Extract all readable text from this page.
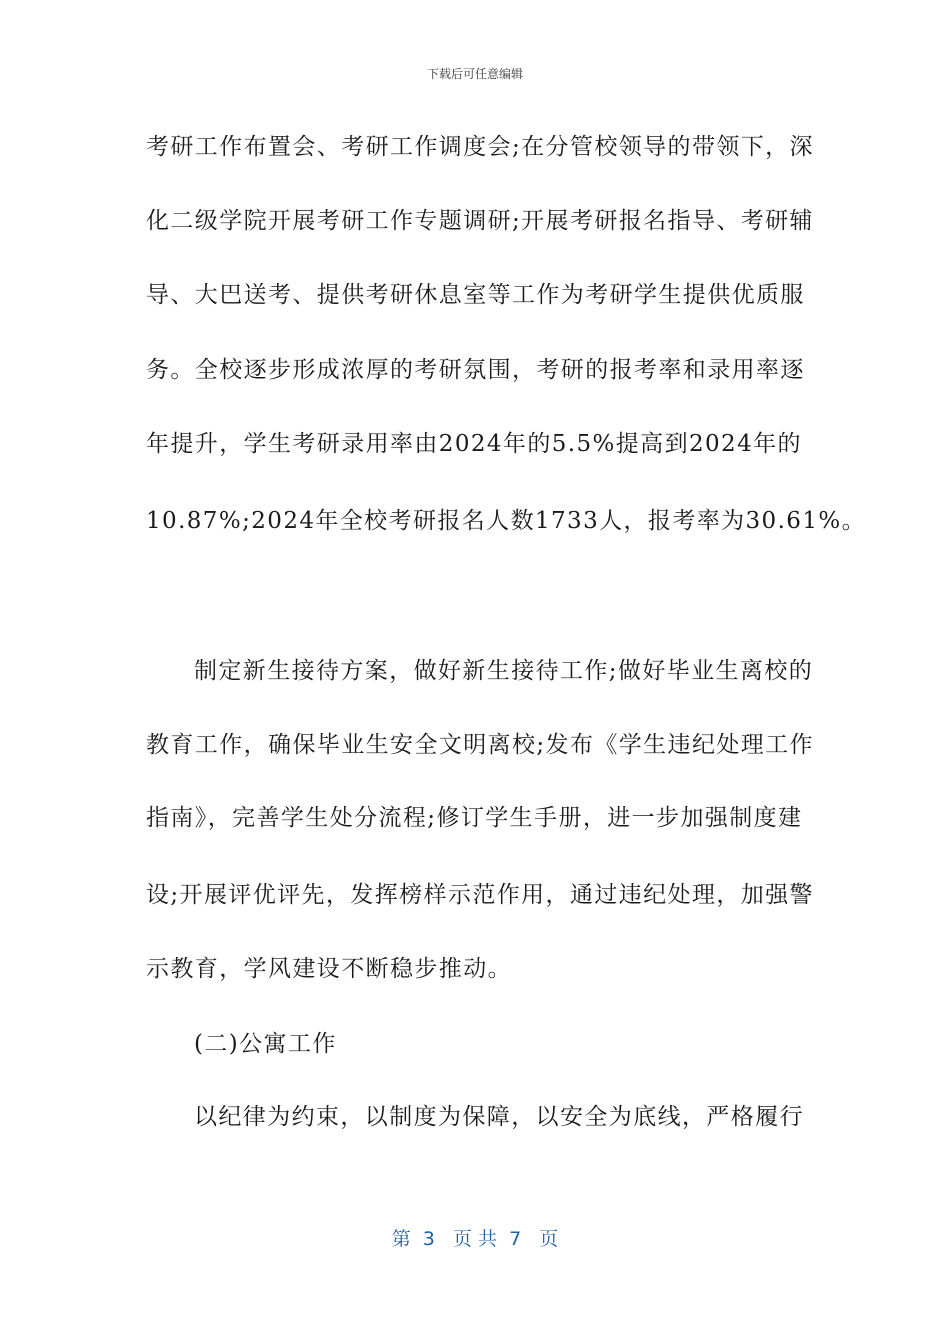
下载后可任意编辑
考研工作布置会、考研工作调度会;在分管校领导的带领下，深
化二级学院开展考研工作专题调研;开展考研报名指导、考研辅
导、大巴送考、提供考研休息室等工作为考研学生提供优质服
务。全校逐步形成浓厚的考研氛围，考研的报考率和录用率逐
年提升，学生考研录用率由2024年的5.5%提高到2024年的
10.87%;2024年全校考研报名人数1733人，报考率为30.61%。
制定新生接待方案，做好新生接待工作;做好毕业生离校的
教育工作，确保毕业生安全文明离校;发布《学生违纪处理工作
指南》，完善学生处分流程;修订学生手册，进一步加强制度建
设;开展评优评先，发挥榜样示范作用，通过违纪处理，加强警
示教育，学风建设不断稳步推动。
(二)公寓工作
以纪律为约束，以制度为保障，以安全为底线，严格履行
第  3   页 共  7   页
